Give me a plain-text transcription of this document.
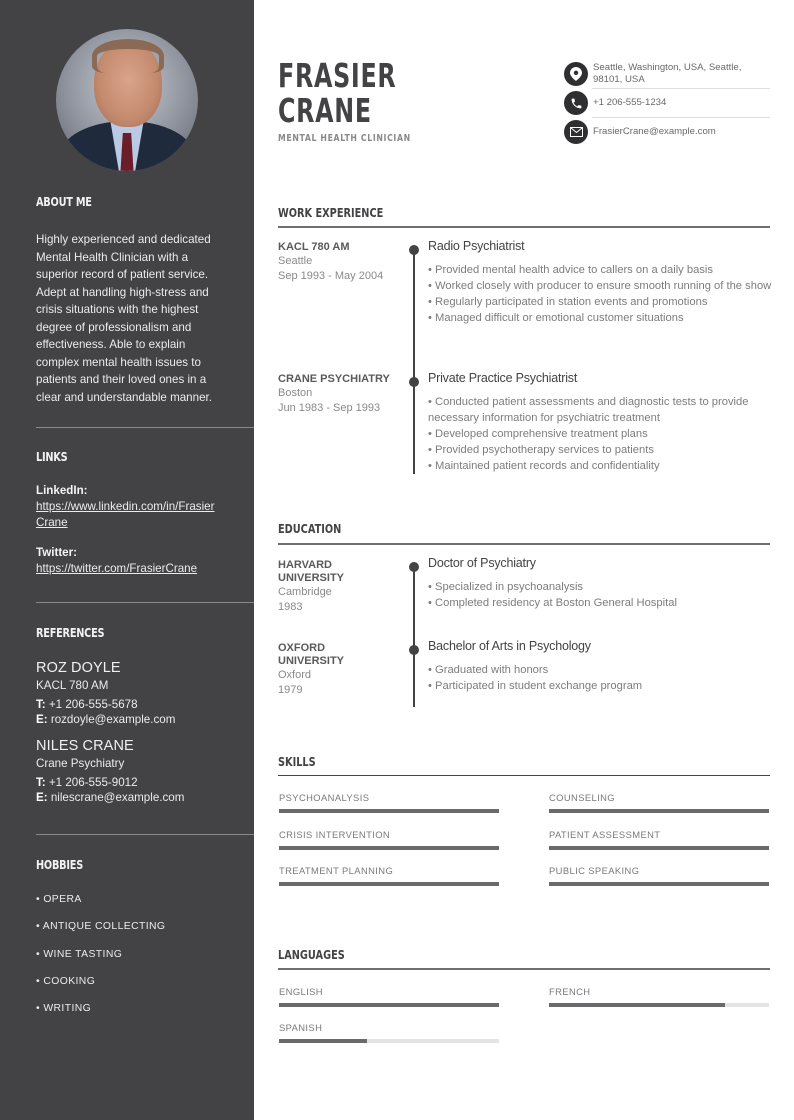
ABOUT ME

Highly experienced and dedicated Mental Health Clinician with a superior record of patient service. Adept at handling high-stress and crisis situations with the highest degree of professionalism and effectiveness. Able to explain complex mental health issues to patients and their loved ones in a clear and understandable manner.

LINKS
LinkedIn:
https://www.linkedin.com/in/FrasierCrane
Twitter:
https://twitter.com/FrasierCrane
REFERENCES
ROZ DOYLE
KACL 780 AM
T: +1 206-555-5678
E: rozdoyle@example.com
NILES CRANE
Crane Psychiatry
T: +1 206-555-9012
E: nilescrane@example.com
HOBBIES
• OPERA
• ANTIQUE COLLECTING
• WINE TASTING
• COOKING
• WRITING
FRASIER
CRANE
MENTAL HEALTH CLINICIAN
Seattle, Washington, USA, Seattle,
98101, USA
+1 206-555-1234
FrasierCrane@example.com
WORK EXPERIENCE
KACL 780 AM
Seattle
Sep 1993 - May 2004
Radio Psychiatrist
• Provided mental health advice to callers on a daily basis
• Worked closely with producer to ensure smooth running of the show
• Regularly participated in station events and promotions
• Managed difficult or emotional customer situations
CRANE PSYCHIATRY
Boston
Jun 1983 - Sep 1993
Private Practice Psychiatrist
• Conducted patient assessments and diagnostic tests to provide necessary information for psychiatric treatment
• Developed comprehensive treatment plans
• Provided psychotherapy services to patients
• Maintained patient records and confidentiality
EDUCATION
HARVARD UNIVERSITY
Cambridge
1983
Doctor of Psychiatry
• Specialized in psychoanalysis
• Completed residency at Boston General Hospital
OXFORD UNIVERSITY
Oxford
1979
Bachelor of Arts in Psychology
• Graduated with honors
• Participated in student exchange program
SKILLS
PSYCHOANALYSIS	COUNSELING
CRISIS INTERVENTION	PATIENT ASSESSMENT
TREATMENT PLANNING	PUBLIC SPEAKING
LANGUAGES
ENGLISH	FRENCH
SPANISH
